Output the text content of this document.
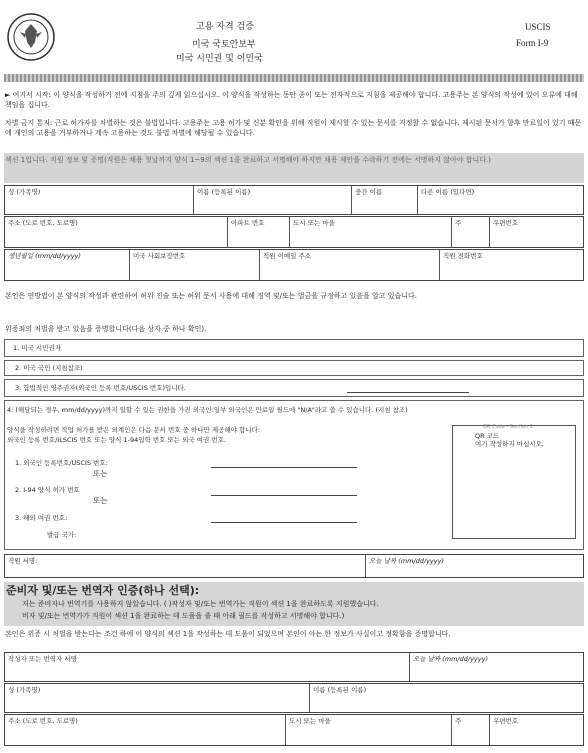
고용 자격 검증
미국 국토안보부
미국 시민권 및 이민국
USCIS
Form I-9
► 여기서 시작: 이 양식을 작성하기 전에 지침을 주의 깊게 읽으십시오. 이 양식을 작성하는 동안 종이 또는 전자적으로 지침을 제공해야 합니다. 고용주는 본 양식의 작성에 있어 오류에 대해 책임을 집니다.
차별 금지 통지: 근로 허가자를 차별하는 것은 불법입니다. 고용주는 고용 허가 및 신분 확인을 위해 직원이 제시할 수 있는 문서를 지정할 수 없습니다. 제시된 문서가 향후 만료일이 있기 때문에 개인의 고용을 거부하거나 계속 고용하는 것도 불법 차별에 해당될 수 있습니다.
섹션 1입니다. 직원 정보 및 증명(직원은 채용 첫날까지 양식 1~9의 섹션 1을 완료하고 서명해야 하지만 채용 제안을 수락하기 전에는 서명하지 않아야 합니다.)
성 (가족명)	이름 (등록된 이름)	중간 이름	다른 이름 (있다면)
주소 (도로 번호, 도로명)	아파트 번호	도시 또는 마을	주	우편번호
생년월일 (mm/dd/yyyy)	미국 사회보장번호	직원 이메일 주소	직원 전화번호
본인은 연방법이 본 양식의 작성과 관련하여 허위 진술 또는 허위 문서 사용에 대해 징역 및/또는 벌금을 규정하고 있음을 알고 있습니다.
위증죄의 처벌을 받고 있음을 증명합니다(다음 상자 중 하나 확인).
1. 미국 시민권자
2. 미국 국민 (지침참조)
3. 합법적인 영주권자(외국인 등록 번호/USCIS 번호)입니다.
4: (해당되는 경우, mm/dd/yyyy)까지 일할 수 있는 권한을 가진 외국인:일부 외국인은 만료일 필드에 "N/A"라고 쓸 수 있습니다. (지침 참조)
양식을 작성하려면 작업 허가를 받은 외계인은 다음 문서 번호 중 하나만 제공해야 합니다:
외국인 등록 번호/ILSCIS 번호 또는 양식 1-94입학 번호 또는 외국 여권 번호.
1. 외국인 등록번호/USCIS 번호:
또는
2. I-94 양식 허가 번호
또는
3. 해외 여권 번호:
발급 국가:
QR Code - Section 1
QR 코드
여기 작성하지 마십시오.
직원 서명:	오늘 날짜 (mm/dd/yyyy)
준비자 및/또는 번역자 인증(하나 선택):
저는 준비자나 번역기를 사용하지 않았습니다. ( )작성자 및/또는 번역가는 직원이 섹션 1을 완료하도록 지원했습니다.
비자 및/또는 번역가가 직원이 섹션 1을 완료하는 데 도움을 줄 때 아래 필드를 작성하고 서명해야 합니다.)
본인은 위증 시 처벌을 받는다는 조건 하에 이 양식의 섹션 1을 작성하는 데 도움이 되었으며 본인이 아는 한 정보가 사실이고 정확함을 증명합니다.
작성자 또는 번역자 서명	오늘 날짜 (mm/dd/yyyy)
성 (가족명)	이름 (등록된 이름)
주소 (도로 번호, 도로명)	도시 또는 마을	주	우편번호
